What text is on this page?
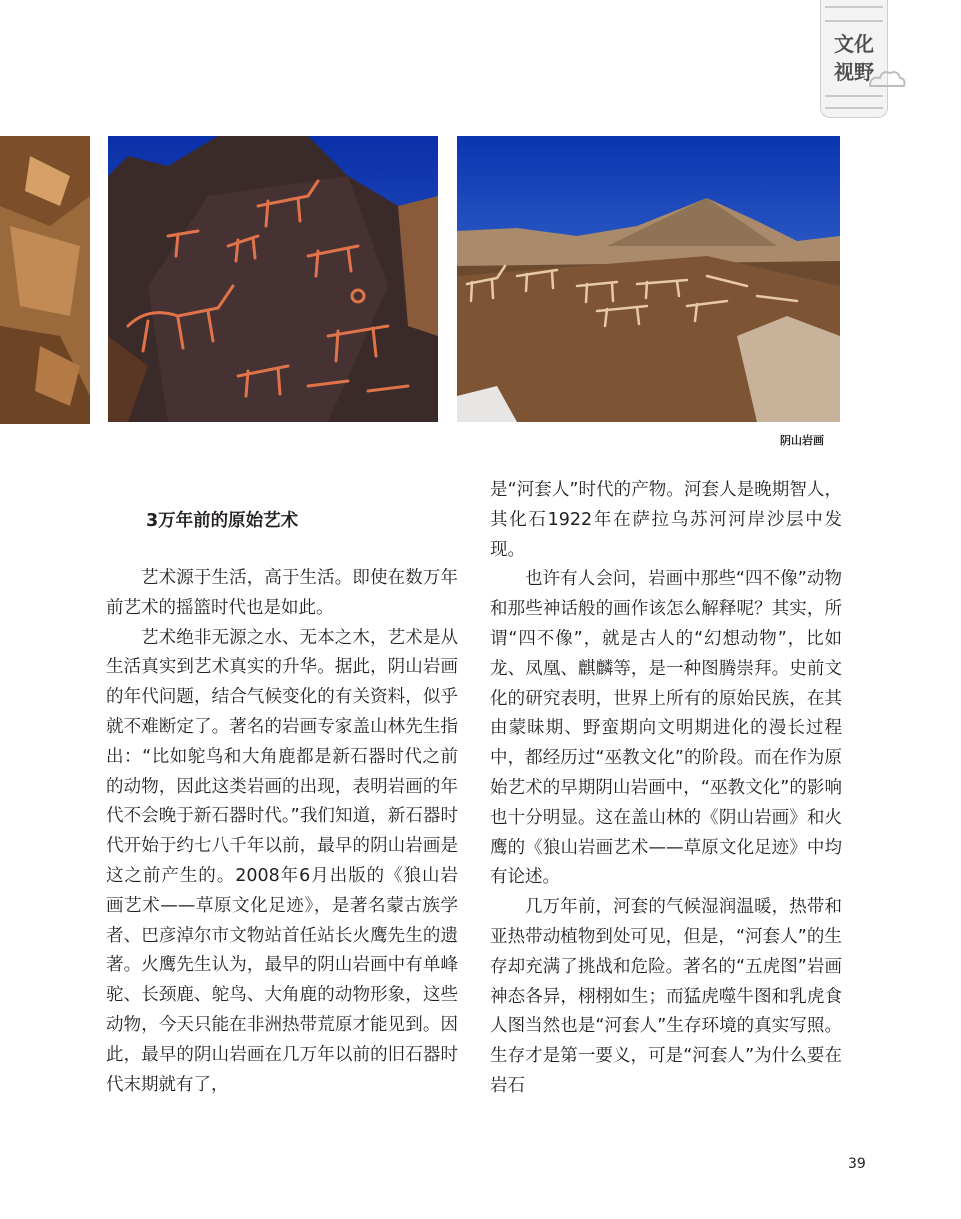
文化
视野
阴山岩画
3万年前的原始艺术

艺术源于生活，高于生活。即使在数万年前艺术的摇篮时代也是如此。

艺术绝非无源之水、无本之木，艺术是从生活真实到艺术真实的升华。据此，阴山岩画的年代问题，结合气候变化的有关资料，似乎就不难断定了。著名的岩画专家盖山林先生指出：“比如鸵鸟和大角鹿都是新石器时代之前的动物，因此这类岩画的出现，表明岩画的年代不会晚于新石器时代。”我们知道，新石器时代开始于约七八千年以前，最早的阴山岩画是这之前产生的。2008年6月出版的《狼山岩画艺术——草原文化足迹》，是著名蒙古族学者、巴彦淖尔市文物站首任站长火鹰先生的遗著。火鹰先生认为，最早的阴山岩画中有单峰驼、长颈鹿、鸵鸟、大角鹿的动物形象，这些动物，今天只能在非洲热带荒原才能见到。因此，最早的阴山岩画在几万年以前的旧石器时代末期就有了，

是“河套人”时代的产物。河套人是晚期智人，其化石1922年在萨拉乌苏河河岸沙层中发现。

也许有人会问，岩画中那些“四不像”动物和那些神话般的画作该怎么解释呢？其实，所谓“四不像”，就是古人的“幻想动物”，比如龙、凤凰、麒麟等，是一种图腾崇拜。史前文化的研究表明，世界上所有的原始民族，在其由蒙昧期、野蛮期向文明期进化的漫长过程中，都经历过“巫教文化”的阶段。而在作为原始艺术的早期阴山岩画中，“巫教文化”的影响也十分明显。这在盖山林的《阴山岩画》和火鹰的《狼山岩画艺术——草原文化足迹》中均有论述。

几万年前，河套的气候湿润温暖，热带和亚热带动植物到处可见，但是，“河套人”的生存却充满了挑战和危险。著名的“五虎图”岩画神态各异，栩栩如生；而猛虎噬牛图和乳虎食人图当然也是“河套人”生存环境的真实写照。生存才是第一要义，可是“河套人”为什么要在岩石

39
